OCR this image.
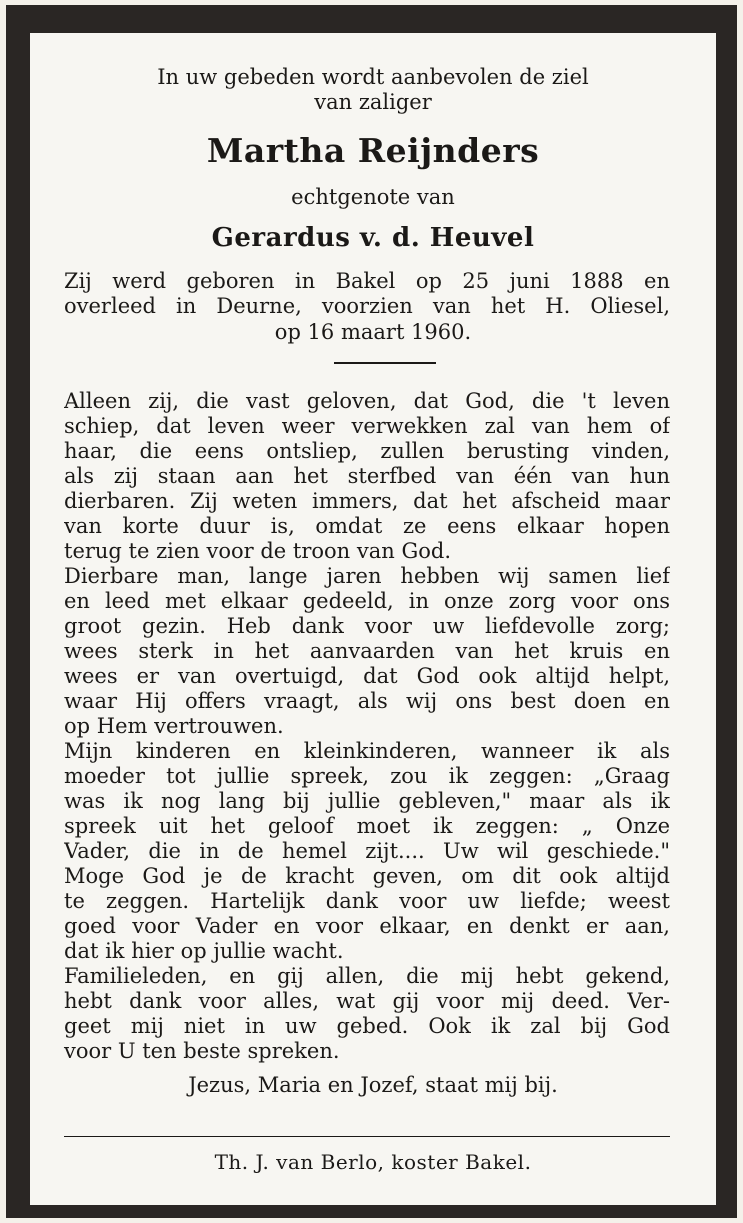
In uw gebeden wordt aanbevolen de ziel
van zaliger
Martha Reijnders
echtgenote van
Gerardus v. d. Heuvel
Zij werd geboren in Bakel op 25 juni 1888 en
overleed in Deurne, voorzien van het H. Oliesel,
op 16 maart 1960.
Alleen zij, die vast geloven, dat God, die 't leven
schiep, dat leven weer verwekken zal van hem of
haar, die eens ontsliep, zullen berusting vinden,
als zij staan aan het sterfbed van één van hun
dierbaren. Zij weten immers, dat het afscheid maar
van korte duur is, omdat ze eens elkaar hopen
terug te zien voor de troon van God.
Dierbare man, lange jaren hebben wij samen lief
en leed met elkaar gedeeld, in onze zorg voor ons
groot gezin. Heb dank voor uw liefdevolle zorg;
wees sterk in het aanvaarden van het kruis en
wees er van overtuigd, dat God ook altijd helpt,
waar Hij offers vraagt, als wij ons best doen en
op Hem vertrouwen.
Mijn kinderen en kleinkinderen, wanneer ik als
moeder tot jullie spreek, zou ik zeggen: „Graag
was ik nog lang bij jullie gebleven," maar als ik
spreek uit het geloof moet ik zeggen: „ Onze
Vader, die in de hemel zijt.... Uw wil geschiede."
Moge God je de kracht geven, om dit ook altijd
te zeggen. Hartelijk dank voor uw liefde; weest
goed voor Vader en voor elkaar, en denkt er aan,
dat ik hier op jullie wacht.
Familieleden, en gij allen, die mij hebt gekend,
hebt dank voor alles, wat gij voor mij deed. Ver-
geet mij niet in uw gebed. Ook ik zal bij God
voor U ten beste spreken.
Jezus, Maria en Jozef, staat mij bij.
Th. J. van Berlo, koster Bakel.
